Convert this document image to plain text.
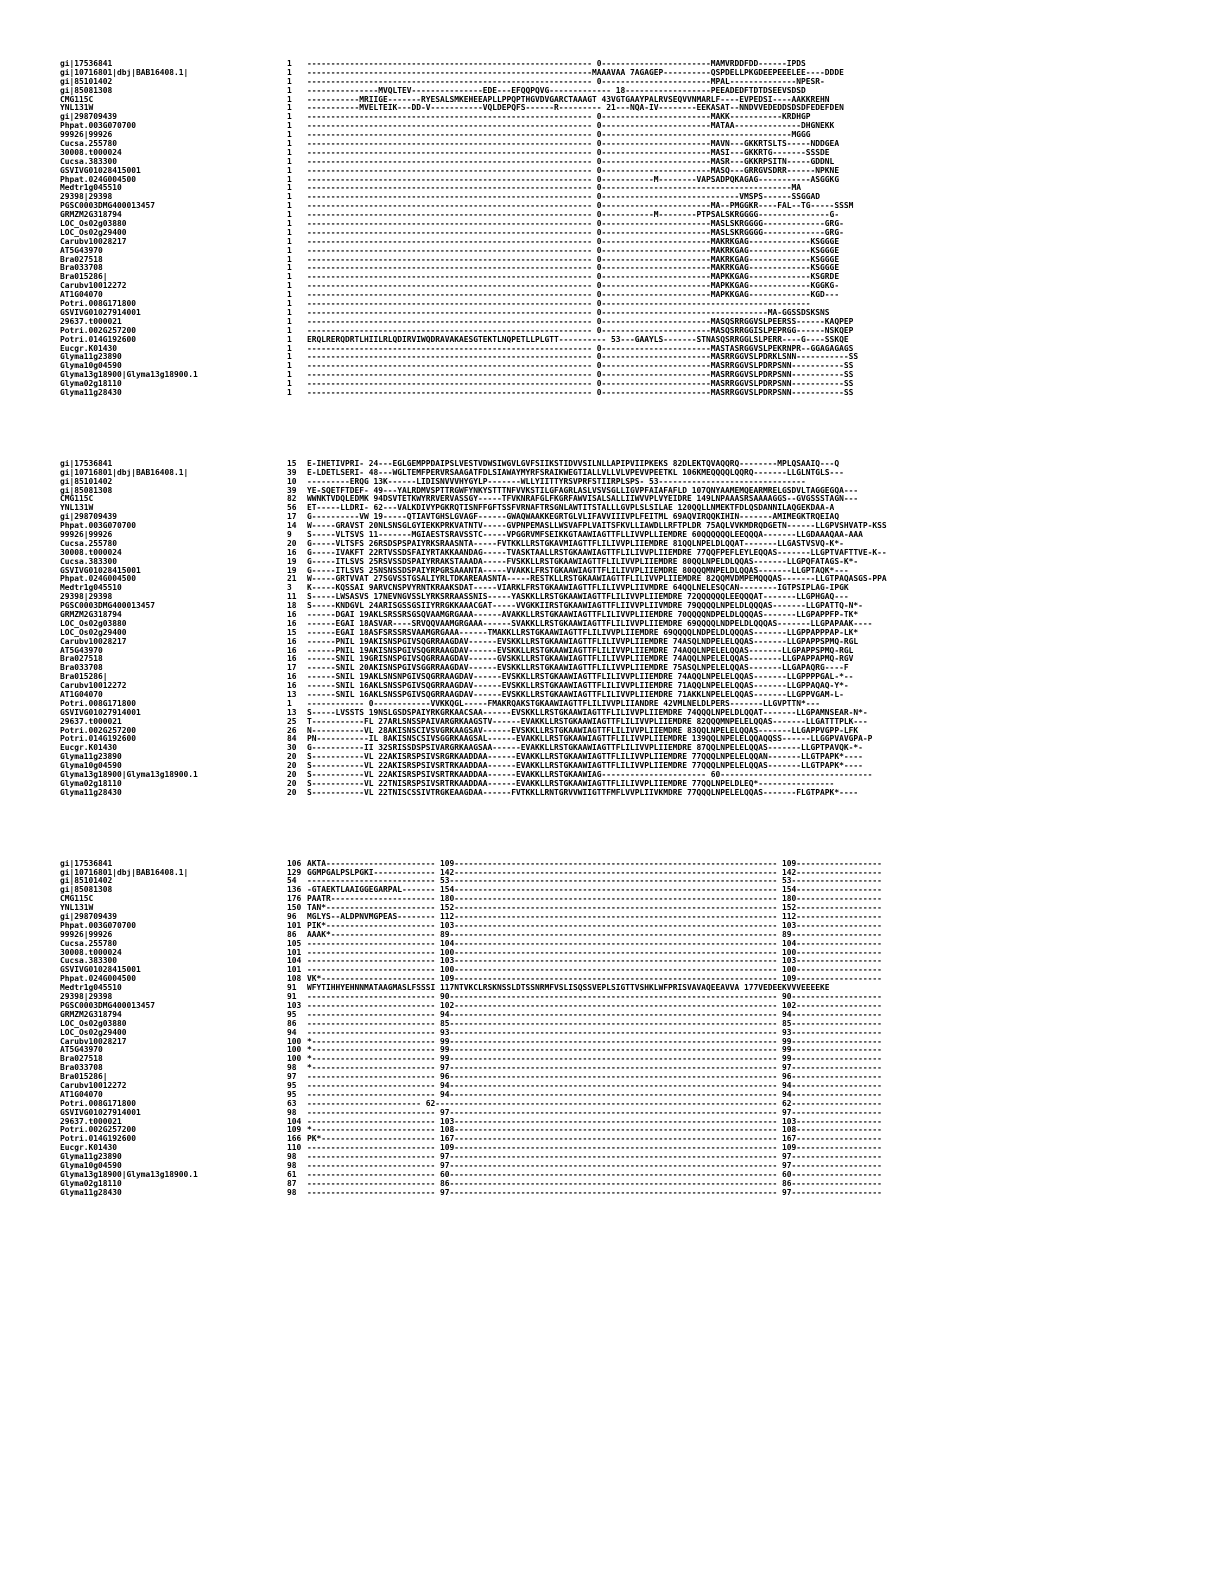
gi|17536841	1	------------------------------------------------------------ 0-----------------------MAMVRDDFDD------IPDS
gi|10716801|dbj|BAB16408.1|	1	------------------------------------------------------------MAAAVAA 7AGAGEP----------QSPDELLPKGDEEPEEELEE----DDDE
gi|85101402	1	------------------------------------------------------------ 0-----------------------MPAL--------------NPESR-
gi|85081308	1	---------------MVQLTEV---------------EDE---EFQQPQVG------------- 18------------------PEEADEDFTDTDSEEVSDSD
CMG115C	1	-----------MRIIGE-------RYESALSMKEHEEAPLLPPQPTHGVDVGARCTAAAGT 43VGTGAAYPALRVSEQVVNMARLF----EVPEDSI----AAKKREHN
YNL131W	1	-----------MVELTEIK---DD-V-----------VQLDEPQFS------R--------- 21---NQA-IV--------EEKASAT--NNDVVEDEDDSDSDFEDEFDEN
gi|298709439	1	------------------------------------------------------------ 0-----------------------MAKK-----------KRDHGP
Phpat.003G070700	1	------------------------------------------------------------ 0-----------------------MATAA--------------DHGNEKK
99926|99926	1	------------------------------------------------------------ 0----------------------------------------MGGG
Cucsa.255780	1	------------------------------------------------------------ 0-----------------------MAVN---GKKRTSLTS-----NDDGEA
30008.t000024	1	------------------------------------------------------------ 0-----------------------MASI---GKKRTG-------SSSDE
Cucsa.383300	1	------------------------------------------------------------ 0-----------------------MASR---GKKRPSITN-----GDDNL
GSVIVG01028415001	1	------------------------------------------------------------ 0-----------------------MASQ---GRRGVSDRR------NPKNE
Phpat.024G004500	1	------------------------------------------------------------ 0-----------M--------VAPSADPQKAGAG-----------ASGGKG
Medtr1g045510	1	------------------------------------------------------------ 0----------------------------------------MA
29398|29398	1	------------------------------------------------------------ 0-----------------------------VMSPS------SSGGAD
PGSC0003DMG400013457	1	------------------------------------------------------------ 0-----------------------MA--PMGGKR----FAL--TG-----SSSM
GRMZM2G318794	1	------------------------------------------------------------ 0-----------M--------PTPSALSKRGGGG---------------G-
LOC_Os02g03880	1	------------------------------------------------------------ 0-----------------------MASLSKRGGGG-------------GRG-
LOC_Os02g29400	1	------------------------------------------------------------ 0-----------------------MASLSKRGGGG-------------GRG-
Carubv10028217	1	------------------------------------------------------------ 0-----------------------MAKRKGAG-------------KSGGGE
AT5G43970	1	------------------------------------------------------------ 0-----------------------MAKRKGAG-------------KSGGGE
Bra027518	1	------------------------------------------------------------ 0-----------------------MAKRKGAG-------------KSGGGE
Bra033708	1	------------------------------------------------------------ 0-----------------------MAKRKGAG-------------KSGGGE
Bra015286|	1	------------------------------------------------------------ 0-----------------------MAPKKGAG-------------KSGRDE
Carubv10012272	1	------------------------------------------------------------ 0-----------------------MAPKKGAG-------------KGGKG-
AT1G04070	1	------------------------------------------------------------ 0-----------------------MAPKKGAG-------------KGD---
Potri.008G171800	1	------------------------------------------------------------ 0--------------------------------------------
GSVIVG01027914001	1	------------------------------------------------------------ 0-----------------------------------MA-GGSSDSKSNS
29637.t000021	1	------------------------------------------------------------ 0-----------------------MASQSRRGGVSLPEERSS------KAQPEP
Potri.002G257200	1	------------------------------------------------------------ 0-----------------------MASQSRRGGISLPEPRGG------NSKQEP
Potri.014G192600	1	ERQLRERQDRTLHIILRLQDIRVIWQDRAVAKAESGTEKTLNQPETLLPLGTT---------- 53---GAAYLS-------STNASQSRRGGLSLPERR----G----SSKQE
Eucgr.K01430	1	------------------------------------------------------------ 0-----------------------MASTASRGGVSLPEKRNPR--GGAGAGAGS
Glyma11g23890	1	------------------------------------------------------------ 0-----------------------MASRRGGVSLPDRKLSNN-----------SS
Glyma10g04590	1	------------------------------------------------------------ 0-----------------------MASRRGGVSLPDRPSNN-----------SS
Glyma13g18900|Glyma13g18900.1	1	------------------------------------------------------------ 0-----------------------MASRRGGVSLPDRPSNN-----------SS
Glyma02g18110	1	------------------------------------------------------------ 0-----------------------MASRRGGVSLPDRPSNN-----------SS
Glyma11g28430	1	------------------------------------------------------------ 0-----------------------MASRRGGVSLPDRPSNN-----------SS
gi|17536841	15	E-IHETIVPRI- 24---EGLGEMPPDAIPSLVESTVDWSIWGVLGVFSIIKSTIDVVSILNLLAPIPVIIPKEKS 82DLEKTQVAQQRQ--------MPLQSAAIQ---Q
gi|10716801|dbj|BAB16408.1|	39	E-LDETLSERI- 48---WGLTEMFPERVRSAAGATFDLSIAWAYMYRFSRAIKWEGTIALLVLLVLVPEVVPEETKL 106KMEQQQQLQQRQ-------LLGLNTGLS---
gi|85101402	10	---------ERQG 13K------LIDISNVVVHYGYLP-------WLLYIITTYRSVPRFSTIIRPLSPS- 53-------------------------------
gi|85081308	39	YE-SQETFTDEF- 49---YALRDMVSPTTRGWFYNKYSTTTNFVVKSTILGFAGRLASLVSVSGLLIGVPFAIAFAFLD 107QNYAAMEMQEARMRELGSDVLTAGGEGQA---
CMG115C	82	WWNKTVDQLEDMK 94DSVTETKWYRRVERVASSGY-----TFVKNRAFGLFKGRFAWVISALSALLIIWVVPLVYEIDRE 149LNPAAASRSAAAAGGS--GVGSSSTAGN---
YNL131W	56	ET-----LLDRI- 62---VALKDIVYPGKRQTISNFFGFTSSFVRNAFTRSGNLAWTITSTALLLGVPLSLSILAE 120QQLLNMEKTFDLQSDANNILAQGEKDAA-A
gi|298709439	17	G----------VW 19-----QTIAVTGHSLGVAGF------GWAQWAAKKEGRTGLVLIFAVVIIIVPLFEITML 69AQVIRQQKIHIN-------AMIMEGKTRQEIAQ
Phpat.003G070700	14	W-----GRAVST 20NLSNSGLGYIEKKPRKVATNTV-----GVPNPEMASLLWSVAFPLVAITSFKVLLIAWDLLRFTPLDR 75AQLVVKMDRQDGETN------LLGPVSHVATP-KSS
99926|99926	9	S-----VLTSVS 11-------MGIAESTSRAVSSTC-----VPGGRVMFSEIKKGTAAWIAGTTFLLIVVPLLIEMDRE 60QQQQQQLEEQQQA-------LLGDAAAQAA-AAA
Cucsa.255780	20	G-----VLTSFS 26RSDSPSPAIYRKSRAASNTA-----FVTKKLLRSTGKAVMIAGTTFLILIVVPLIIEMDRE 81QQLNPELDLQQAT-------LLGASTVSVQ-K*-
30008.t000024	16	G-----IVAKFT 22RTVSSDSFAIYRTAKKAANDAG-----TVASKTAALLRSTGKAAWIAGTTFLILIVVPLIIEMDRE 77QQFPEFLEYLEQQAS-------LLGPTVAFTTVE-K--
Cucsa.383300	19	G-----ITLSVS 25RSVSSDSPAIYRRAKSTAAADA-----FVSKKLLRSTGKAAWIAGTTFLILIVVPLIIEMDRE 80QQLNPELDLQQAS-------LLGPQFATAGS-K*-
GSVIVG01028415001	19	G-----ITLSVS 25NSNSSDSPAIYRPGRSAAANTA-----VVAKKLFRSTGKAAWIAGTTFLILIVVPLIIEMDRE 80QQQMNPELDLQQAS-------LLGPTAQK*---
Phpat.024G004500	21	W-----GRTVVAT 27SGVSSTGSALIYRLTDKAREAASNTA-----RESTKLLRSTGKAAWIAGTTFLILIVVPLIIEMDRE 82QQMVDMPEMQQQAS-------LLGTPAQASGS-PPA
Medtr1g045510	3	K-----KQSSAI 9ARVCNSPVYRNTKRAAKSDAT-----VIARKLFRSTGKAAWIAGTTFLILIVVPLIIVMDRE 64QQLNELESQCAN--------IGTPSIPLAG-IPGK
29398|29398	11	S-----LWSASVS 17NEVNGVSSLYRKSRRAASSNIS-----YASKKLLRSTGKAAWIAGTTFLILIVVPLIIEMDRE 72QQQQQQLEEQQQAT-------LLGPHGAQ---
PGSC0003DMG400013457	18	S-----KNDGVL 24ARISGSSGSIIYRRGKKAAACGAT-----VVGKKIIRSTGKAAWIAGTTFLIIVVPLIIVMDRE 79QQQQLNPELDLQQQAS-------LLGPATTQ-N*-
GRMZM2G318794	16	------DGAI 19AKLSRSSRSGSQVAAMGRGAAA------AVAKKLLRSTGKAAWIAGTTFLILIVVPLIIEMDRE 70QQQQNDPELDLQQQAS-------LLGPAPPFP-TK*
LOC_Os02g03880	16	------EGAI 18ASVAR----SRVQQVAAMGRGAAA------SVAKKLLRSTGKAAWIAGTTFLILIVVPLIIEMDRE 69QQQQLNDPELDLQQQAS-------LLGPAPAAK----
LOC_Os02g29400	15	------EGAI 18ASFSRSSRSVAAMGRGAAA------TMAKKLLRSTGKAAWIAGTTFLILIVVPLIIEMDRE 69QQQQLNDPELDLQQQAS-------LLGPPAPPPAP-LK*
Carubv10028217	16	------PNIL 19AKISNSPGIVSQGRRAAGDAV------EVSKKLLRSTGKAAWIAGTTFLILIVVPLIIEMDRE 74ASQLNDPELELQQAS-------LLGPAPPSPMQ-RGL
AT5G43970	16	------PNIL 19AKISNSPGIVSQGRRAAGDAV------EVSKKLLRSTGKAAWIAGTTFLILIVVPLIIEMDRE 74AQQLNPELELQQAS-------LLGPAPPSPMQ-RGL
Bra027518	16	------SNIL 19GRISNSPGIVSQGRRAAGDAV------GVSKKLLRSTGKAAWIAGTTFLILIVVPLIIEMDRE 74AQQLNPELELQQAS-------LLGPAPPAPMQ-RGV
Bra033708	17	------SNIL 20AKISNSPGIVSGGRRAAGDAV------EVSKKLLRSTGKAAWIAGTTFLILIVVPLIIEMDRE 75ASQLNPELELQQAS-------LLGAPAQRG----F
Bra015286|	16	------SNIL 19AKLSNSNPGIVSQGRRAAGDAV------EVSKKLLRSTGKAAWIAGTTFLILIVVPLIIEMDRE 74AQQLNPELELQQAS-------LLGPPPPGAL-*--
Carubv10012272	16	------SNIL 16AKLSNSSPGIVSQGRRAAGDAV------EVSKKLLRSTGKAAWIAGTTFLILIVVPLIIEMDRE 71AQQLNPELELQQAS-------LLGPPAQAQ-Y*-
AT1G04070	13	------SNIL 16AKLSNSSPGIVSQGRRAAGDAV------EVSKKLLRSTGKAAWIAGTTFLILIVVPLIIEMDRE 71AKKLNPELELQQAS-------LLGPPVGAM-L-
Potri.008G171800	1	------------ 0------------VVKKQGL-----FMAKRQAKSTGKAAWIAGTTFLILIVVPLIIANDRE 42VMLNELDLPERS-------LLGVPTTN*---
GSVIVG01027914001	13	S-----LVSSTS 19NSLGSDSPAIYRKGRKAACSAA------EVSKKLLRSTGKAAWIAGTTFLILIVVPLIIEMDRE 74QQQLNPELDLQQAT-------LLGPAMNSEAR-N*-
29637.t000021	25	T-----------FL 27ARLSNSSPAIVARGRKAAGSTV------EVAKKLLRSTGKAAWIAGTTFLILIVVPLIIEMDRE 82QQQMNPELELQQAS-------LLGATTTPLK---
Potri.002G257200	26	N-----------VL 28AKISNSCIVSVGRKAAGSAV------EVSKKLLRSTGKAAWIAGTTFLILIVVPLIIEMDRE 83QQLNPELELQQAS-------LLGAPPVGPP-LFK
Potri.014G192600	84	PN-----------IL 8AKISNSCSIVSGGRKAAGSAL------EVAKKLLRSTGKAAWIAGTTFLILIVVPLIIEMDRE 139QQLNPELELQQAQQSS------LLGGPVAVGPA-P
Eucgr.K01430	30	G-----------II 32SRISSDSPSIVARGRKAAGSAA------EVAKKLLRSTGKAAWIAGTTFLILIVVPLIIEMDRE 87QQLNPELELQQAS-------LLGPTPAVQK-*-
Glyma11g23890	20	S-----------VL 22AKISRSPSIVSRGRKAADDAA------EVAKKLLRSTGKAAWIAGTTFLILIVVPLIIEMDRE 77QQQLNPELELQQAN-------LLGTPAPK*----
Glyma10g04590	20	S-----------VL 22AKISRSPSIVSRTRKAADDAA------EVAKKLLRSTGKAAWIAGTTFLILIVVPLIIEMDRE 77QQQLNPELELQQAS-------LLGTPAPK*----
Glyma13g18900|Glyma13g18900.1	20	S-----------VL 22AKISRSPSIVSRTRKAADDAA------EVAKKLLRSTGKAAWIAG---------------------- 60--------------------------------
Glyma02g18110	20	S-----------VL 22TNISRSPSIVSRTRKAADDAA------EVAKKLLRSTGKAAWIAGTTFLILIVVPLIIEMDRE 77QQLNPELDLEQ*----------------
Glyma11g28430	20	S-----------VL 22TNISCSSIVTRGKEAAGDAA------FVTKKLLRNTGRVVWIIGTTFMFLVVPLIIVKMDRE 77QQQLNPELELQQAS-------FLGTPAPK*----
gi|17536841	106 AKTA----------------------- 109-------------------------------------------------------------------- 109------------------
gi|10716801|dbj|BAB16408.1|	129 GGMPGALPSLPGKI------------- 142-------------------------------------------------------------------- 142------------------
gi|85101402	54	--------------------------- 53--------------------------------------------------------------------- 53-------------------
gi|85081308	136 -GTAEKTLAAIGGEGARPAL------- 154-------------------------------------------------------------------- 154------------------
CMG115C	176 PAATR---------------------- 180-------------------------------------------------------------------- 180------------------
YNL131W	150 TAN*----------------------- 152-------------------------------------------------------------------- 152------------------
gi|298709439	96	MGLYS--ALDPNVMGPEAS-------- 112-------------------------------------------------------------------- 112------------------
Phpat.003G070700	101 PIK*----------------------- 103-------------------------------------------------------------------- 103------------------
99926|99926	86	AAAK*---------------------- 89--------------------------------------------------------------------- 89-------------------
Cucsa.255780	105 --------------------------- 104-------------------------------------------------------------------- 104------------------
30008.t000024	101 --------------------------- 100-------------------------------------------------------------------- 100------------------
Cucsa.383300	104 --------------------------- 103-------------------------------------------------------------------- 103------------------
GSVIVG01028415001	101 --------------------------- 100-------------------------------------------------------------------- 100------------------
Phpat.024G004500	108 VK*------------------------ 109-------------------------------------------------------------------- 109------------------
Medtr1g045510	91	WFYTIHHYEHNNMATAAGMASLFSSSI 117NTVKCLRSKNSSLDTSSNRMFVSLISQSSVEPLSIGTTVSHKLWFPRISVAVAQEEAVVA 177VEDEEKVVVEEEEKE
29398|29398	91	--------------------------- 90--------------------------------------------------------------------- 90-------------------
PGSC0003DMG400013457	103 --------------------------- 102-------------------------------------------------------------------- 102------------------
GRMZM2G318794	95	--------------------------- 94--------------------------------------------------------------------- 94-------------------
LOC_Os02g03880	86	--------------------------- 85--------------------------------------------------------------------- 85-------------------
LOC_Os02g29400	94	--------------------------- 93--------------------------------------------------------------------- 93-------------------
Carubv10028217	100 *-------------------------- 99--------------------------------------------------------------------- 99-------------------
AT5G43970	100 *-------------------------- 99--------------------------------------------------------------------- 99-------------------
Bra027518	100 *-------------------------- 99--------------------------------------------------------------------- 99-------------------
Bra033708	98	*-------------------------- 97--------------------------------------------------------------------- 97-------------------
Bra015286|	97	--------------------------- 96--------------------------------------------------------------------- 96-------------------
Carubv10012272	95	--------------------------- 94--------------------------------------------------------------------- 94-------------------
AT1G04070	95	--------------------------- 94--------------------------------------------------------------------- 94-------------------
Potri.008G171800	63	------------------------ 62------------------------------------------------------------------------ 62-------------------
GSVIVG01027914001	98	--------------------------- 97--------------------------------------------------------------------- 97-------------------
29637.t000021	104 --------------------------- 103-------------------------------------------------------------------- 103------------------
Potri.002G257200	109 *-------------------------- 108-------------------------------------------------------------------- 108------------------
Potri.014G192600	166 PK*------------------------ 167-------------------------------------------------------------------- 167------------------
Eucgr.K01430	110 --------------------------- 109-------------------------------------------------------------------- 109------------------
Glyma11g23890	98	--------------------------- 97--------------------------------------------------------------------- 97-------------------
Glyma10g04590	98	--------------------------- 97--------------------------------------------------------------------- 97-------------------
Glyma13g18900|Glyma13g18900.1	61	--------------------------- 60--------------------------------------------------------------------- 60-------------------
Glyma02g18110	87	--------------------------- 86--------------------------------------------------------------------- 86-------------------
Glyma11g28430	98	--------------------------- 97--------------------------------------------------------------------- 97-------------------
